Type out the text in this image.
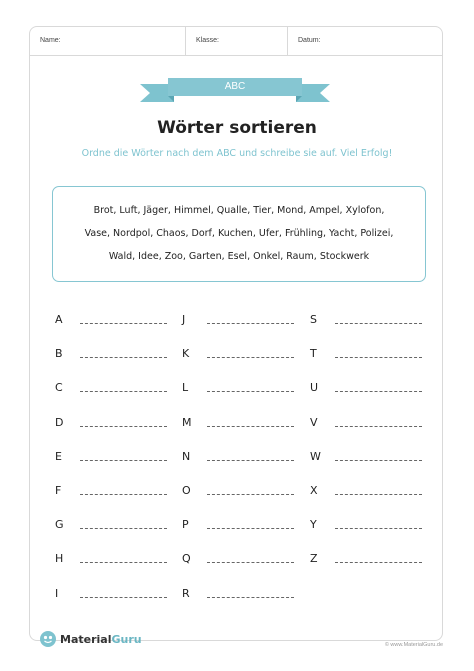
Name:	Klasse:	Datum:
ABC
Wörter sortieren
Ordne die Wörter nach dem ABC und schreibe sie auf. Viel Erfolg!
Brot, Luft, Jäger, Himmel, Qualle, Tier, Mond, Ampel, Xylofon,
Vase, Nordpol, Chaos, Dorf, Kuchen, Ufer, Frühling, Yacht, Polizei,
Wald, Idee, Zoo, Garten, Esel, Onkel, Raum, Stockwerk
A
B
C
D
E
F
G
H
I
J
K
L
M
N
O
P
Q
R
S
T
U
V
W
X
Y
Z
MaterialGuru	© www.MaterialGuru.de
